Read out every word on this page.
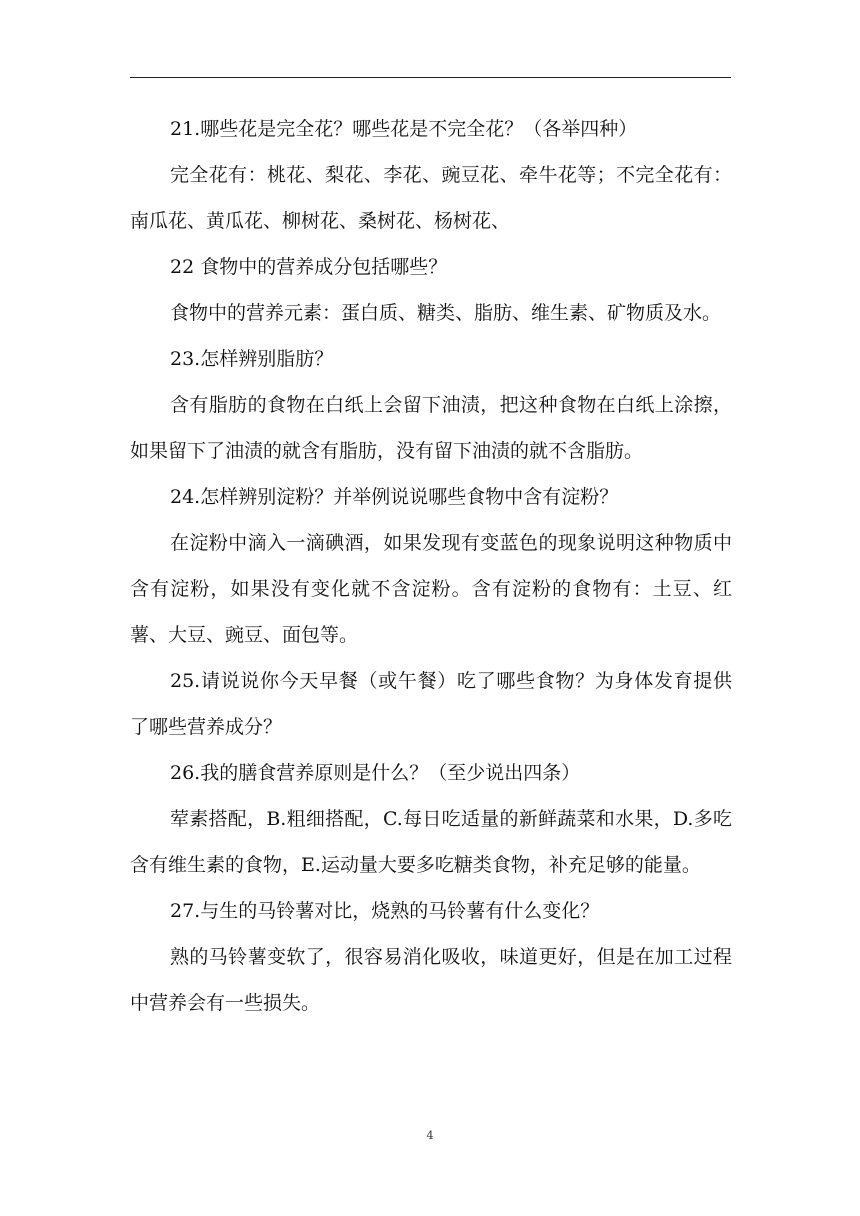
21.哪些花是完全花？哪些花是不完全花？（各举四种）

完全花有：桃花、梨花、李花、豌豆花、牵牛花等；不完全花有：南瓜花、黄瓜花、柳树花、桑树花、杨树花、

22 食物中的营养成分包括哪些？

食物中的营养元素：蛋白质、糖类、脂肪、维生素、矿物质及水。

23.怎样辨别脂肪？

含有脂肪的食物在白纸上会留下油渍，把这种食物在白纸上涂擦，如果留下了油渍的就含有脂肪，没有留下油渍的就不含脂肪。

24.怎样辨别淀粉？并举例说说哪些食物中含有淀粉？

在淀粉中滴入一滴碘酒，如果发现有变蓝色的现象说明这种物质中含有淀粉，如果没有变化就不含淀粉。含有淀粉的食物有：土豆、红薯、大豆、豌豆、面包等。

25.请说说你今天早餐（或午餐）吃了哪些食物？为身体发育提供了哪些营养成分？

26.我的膳食营养原则是什么？（至少说出四条）

荤素搭配，B.粗细搭配，C.每日吃适量的新鲜蔬菜和水果，D.多吃含有维生素的食物，E.运动量大要多吃糖类食物，补充足够的能量。

27.与生的马铃薯对比，烧熟的马铃薯有什么变化？

熟的马铃薯变软了，很容易消化吸收，味道更好，但是在加工过程中营养会有一些损失。

4
